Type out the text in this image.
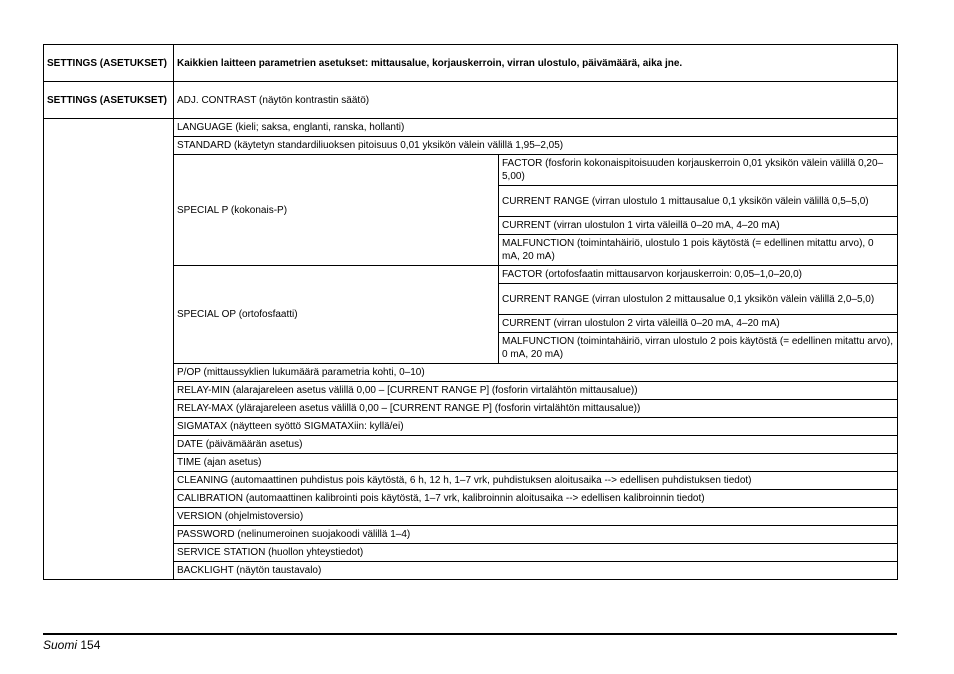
SETTINGS (ASETUKSET)	Kaikkien laitteen parametrien asetukset: mittausalue, korjauskerroin, virran ulostulo, päivämäärä, aika jne.	
SETTINGS (ASETUKSET)	ADJ. CONTRAST (näytön kontrastin säätö)	
	LANGUAGE (kieli; saksa, englanti, ranska, hollanti)	
	STANDARD (käytetyn standardiliuoksen pitoisuus 0,01 yksikön välein välillä 1,95–2,05)	
	SPECIAL P (kokonais-P)	FACTOR (fosforin kokonaispitoisuuden korjauskerroin 0,01 yksikön välein välillä 0,20–5,00)
		CURRENT RANGE (virran ulostulo 1 mittausalue 0,1 yksikön välein välillä 0,5–5,0)
		CURRENT (virran ulostulon 1 virta väleillä 0–20 mA, 4–20 mA)
		MALFUNCTION (toimintahäiriö, ulostulo 1 pois käytöstä (= edellinen mitattu arvo), 0 mA, 20 mA)
	SPECIAL OP (ortofosfaatti)	FACTOR (ortofosfaatin mittausarvon korjauskerroin: 0,05–1,0–20,0)
		CURRENT RANGE (virran ulostulon 2 mittausalue 0,1 yksikön välein välillä 2,0–5,0)
		CURRENT (virran ulostulon 2 virta väleillä 0–20 mA, 4–20 mA)
		MALFUNCTION (toimintahäiriö, virran ulostulo 2 pois käytöstä (= edellinen mitattu arvo), 0 mA, 20 mA)
	P/OP (mittaussyklien lukumäärä parametria kohti, 0–10)	
	RELAY-MIN (alarajareleen asetus välillä 0,00 – [CURRENT RANGE P] (fosforin virtalähtön mittausalue))	
	RELAY-MAX (ylärajareleen asetus välillä 0,00 – [CURRENT RANGE P] (fosforin virtalähtön mittausalue))	
	SIGMATAX (näytteen syöttö SIGMATAXiin: kyllä/ei)	
	DATE (päivämäärän asetus)	
	TIME (ajan asetus)	
	CLEANING (automaattinen puhdistus pois käytöstä, 6 h, 12 h, 1–7 vrk, puhdistuksen aloitusaika --> edellisen puhdistuksen tiedot)	
	CALIBRATION (automaattinen kalibrointi pois käytöstä, 1–7 vrk, kalibroinnin aloitusaika --> edellisen kalibroinnin tiedot)	
	VERSION (ohjelmistoversio)	
	PASSWORD (nelinumeroinen suojakoodi välillä 1–4)	
	SERVICE STATION (huollon yhteystiedot)	
	BACKLIGHT (näytön taustavalo)	
Suomi 154
